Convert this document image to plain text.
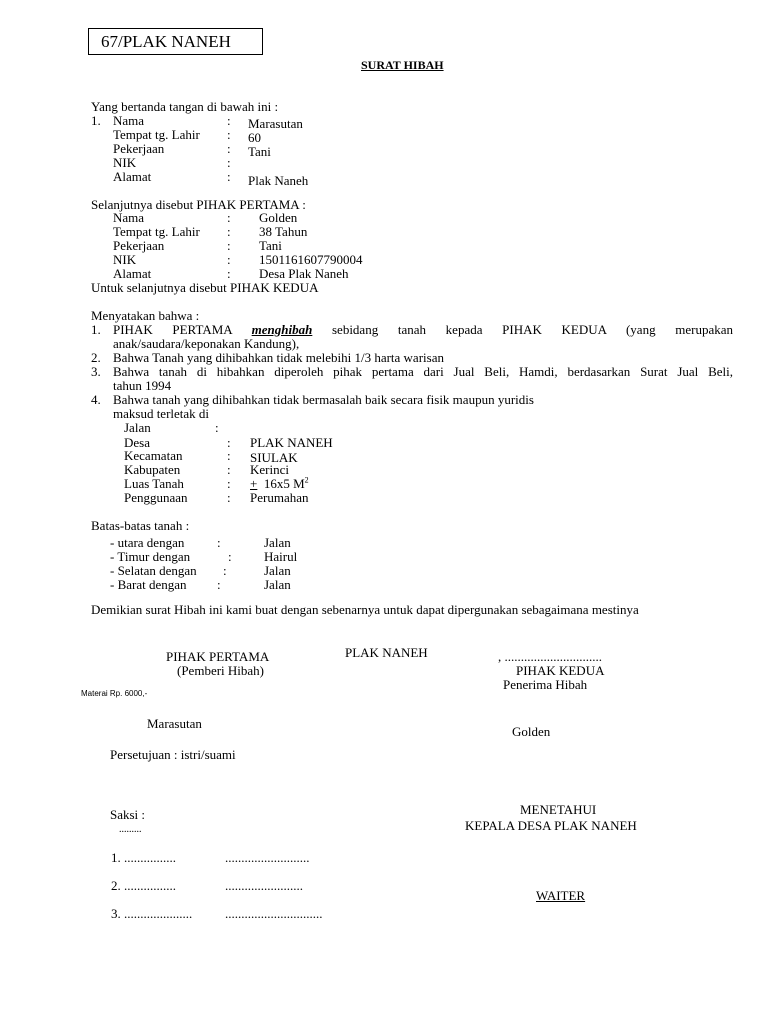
67/PLAK NANEH
SURAT HIBAH
Yang bertanda tangan di bawah ini :
1. Nama	: Marasutan
Tempat tg. Lahir : 60
Pekerjaan	: Tani
NIK	:
Alamat	: Plak Naneh
Selanjutnya disebut PIHAK PERTAMA :
Nama	: Golden
Tempat tg. Lahir : 38 Tahun
Pekerjaan	: Tani
NIK	: 1501161607790004
Alamat	: Desa Plak Naneh
Untuk selanjutnya disebut PIHAK KEDUA
Menyatakan bahwa :
1. PIHAK PERTAMA menghibah sebidang tanah kepada PIHAK KEDUA (yang merupakan
anak/saudara/keponakan Kandung),
2. Bahwa Tanah yang dihibahkan tidak melebihi 1/3 harta warisan
3. Bahwa tanah di hibahkan diperoleh pihak pertama dari Jual Beli, Hamdi, berdasarkan Surat Jual Beli,
tahun 1994
4. Bahwa tanah yang dihibahkan tidak bermasalah baik secara fisik maupun yuridis
maksud terletak di
Jalan	:
Desa	: PLAK NANEH
Kecamatan	: SIULAK
Kabupaten	: Kerinci
Luas Tanah	: + 16x5 $M^2$
Penggunaan	: Perumahan
Batas-batas tanah :
- utara dengan	:	Jalan
- Timur dengan	: Hairul
- Selatan dengan :	Jalan
- Barat dengan :	Jalan
Demikian surat Hibah ini kami buat dengan sebenarnya untuk dapat dipergunakan sebagaimana mestinya
PLAK NANEH	, ..............................
PIHAK PERTAMA
(Pemberi Hibah)	PIHAK KEDUA
Penerima Hibah
Materai Rp. 6000,-
Marasutan
Golden
Persetujuan : istri/suami
Saksi :
.........
MENETAHUI
KEPALA DESA PLAK NANEH
1. ................	..........................
2. ................	........................
WAITER
3. .....................	..............................
